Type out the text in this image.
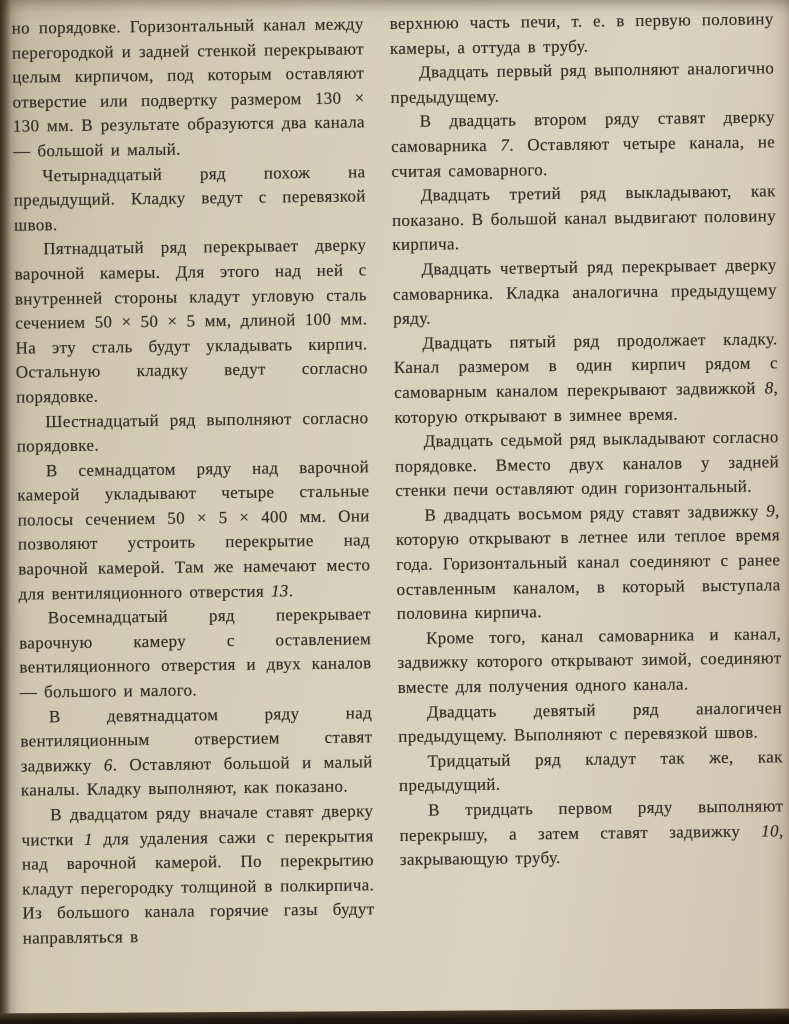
но порядовке. Горизонтальный канал между перегородкой и задней стенкой перекрывают целым кирпичом, под которым оставляют отверстие или подвертку размером 130 × 130 мм. В результате образуются два канала — большой и малый.

Четырнадцатый ряд похож на предыдущий. Кладку ведут с перевязкой швов.

Пятнадцатый ряд перекрывает дверку варочной камеры. Для этого над ней с внутренней стороны кладут угловую сталь сечением 50 × 50 × 5 мм, длиной 100 мм. На эту сталь будут укладывать кирпич. Остальную кладку ведут согласно порядовке.

Шестнадцатый ряд выполняют согласно порядовке.

В семнадцатом ряду над варочной камерой укладывают четыре стальные полосы сечением 50 × 5 × 400 мм. Они позволяют устроить перекрытие над варочной камерой. Там же намечают место для вентиляционного отверстия 13.

Восемнадцатый ряд перекрывает варочную камеру с оставлением вентиляционного отверстия и двух каналов — большого и малого.

В девятнадцатом ряду над вентиляционным отверстием ставят задвижку 6. Оставляют большой и малый каналы. Кладку выполняют, как показано.

В двадцатом ряду вначале ставят дверку чистки 1 для удаления сажи с перекрытия над варочной камерой. По перекрытию кладут перегородку толщиной в полкирпича. Из большого канала горячие газы будут направляться в

верхнюю часть печи, т. е. в первую половину камеры, а оттуда в трубу.

Двадцать первый ряд выполняют аналогично предыдущему.

В двадцать втором ряду ставят дверку самоварника 7. Оставляют четыре канала, не считая самоварного.

Двадцать третий ряд выкладывают, как показано. В большой канал выдвигают половину кирпича.

Двадцать четвертый ряд перекрывает дверку самоварника. Кладка аналогична предыдущему ряду.

Двадцать пятый ряд продолжает кладку. Канал размером в один кирпич рядом с самоварным каналом перекрывают задвижкой 8, которую открывают в зимнее время.

Двадцать седьмой ряд выкладывают согласно порядовке. Вместо двух каналов у задней стенки печи оставляют один горизонтальный.

В двадцать восьмом ряду ставят задвижку 9, которую открывают в летнее или теплое время года. Горизонтальный канал соединяют с ранее оставленным каналом, в который выступала половина кирпича.

Кроме того, канал самоварника и канал, задвижку которого открывают зимой, соединяют вместе для получения одного канала.

Двадцать девятый ряд аналогичен предыдущему. Выполняют с перевязкой швов.

Тридцатый ряд кладут так же, как предыдущий.

В тридцать первом ряду выполняют перекрышу, а затем ставят задвижку 10, закрывающую трубу.
